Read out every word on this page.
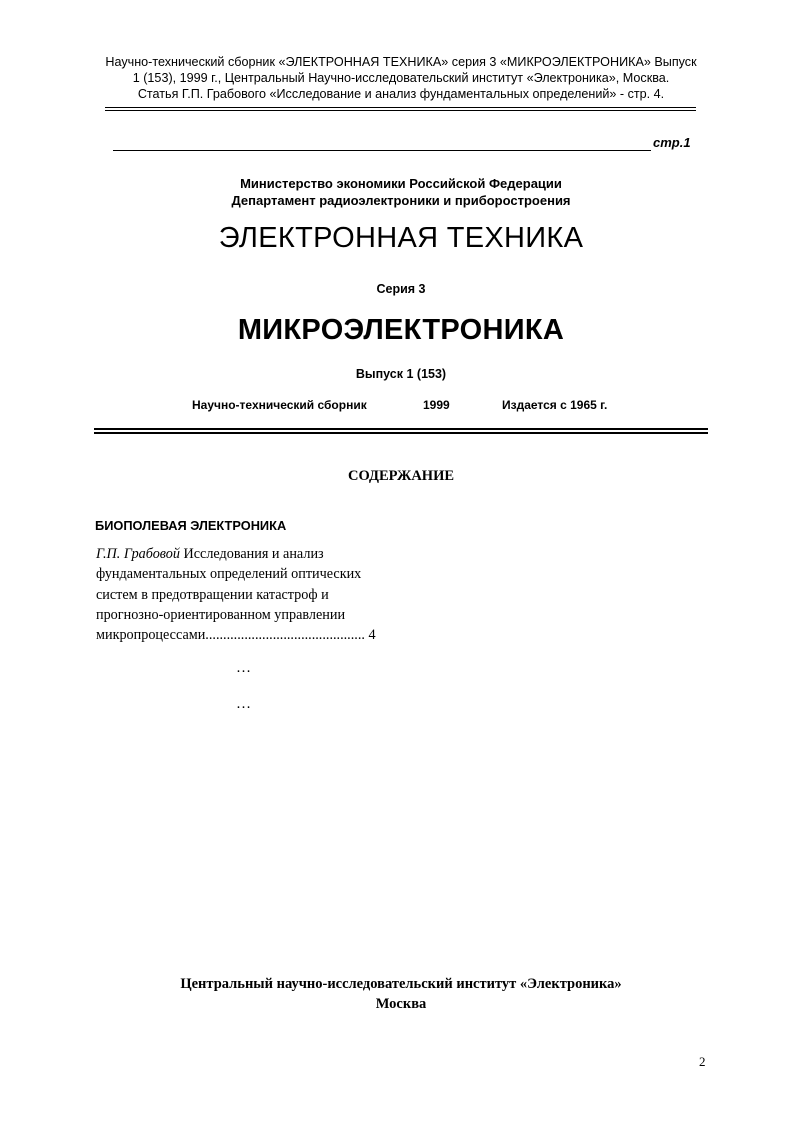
Научно-технический сборник «ЭЛЕКТРОННАЯ ТЕХНИКА» серия 3 «МИКРОЭЛЕКТРОНИКА» Выпуск
1 (153), 1999 г., Центральный Научно-исследовательский институт «Электроника», Москва.
Статья Г.П. Грабового «Исследование и анализ фундаментальных определений» - стр. 4.
стр.1
Министерство экономики Российской Федерации
Департамент радиоэлектроники и приборостроения
ЭЛЕКТРОННАЯ ТЕХНИКА
Серия 3
МИКРОЭЛЕКТРОНИКА
Выпуск 1 (153)
Научно-технический сборник	1999	Издается с 1965 г.
СОДЕРЖАНИЕ
БИОПОЛЕВАЯ ЭЛЕКТРОНИКА
Г.П. Грабовой Исследования и анализ
фундаментальных определений оптических
систем в предотвращении катастроф и
прогнозно-ориентированном управлении
микропроцессами............................................. 4
…
…
Центральный научно-исследовательский институт «Электроника»
Москва
2
